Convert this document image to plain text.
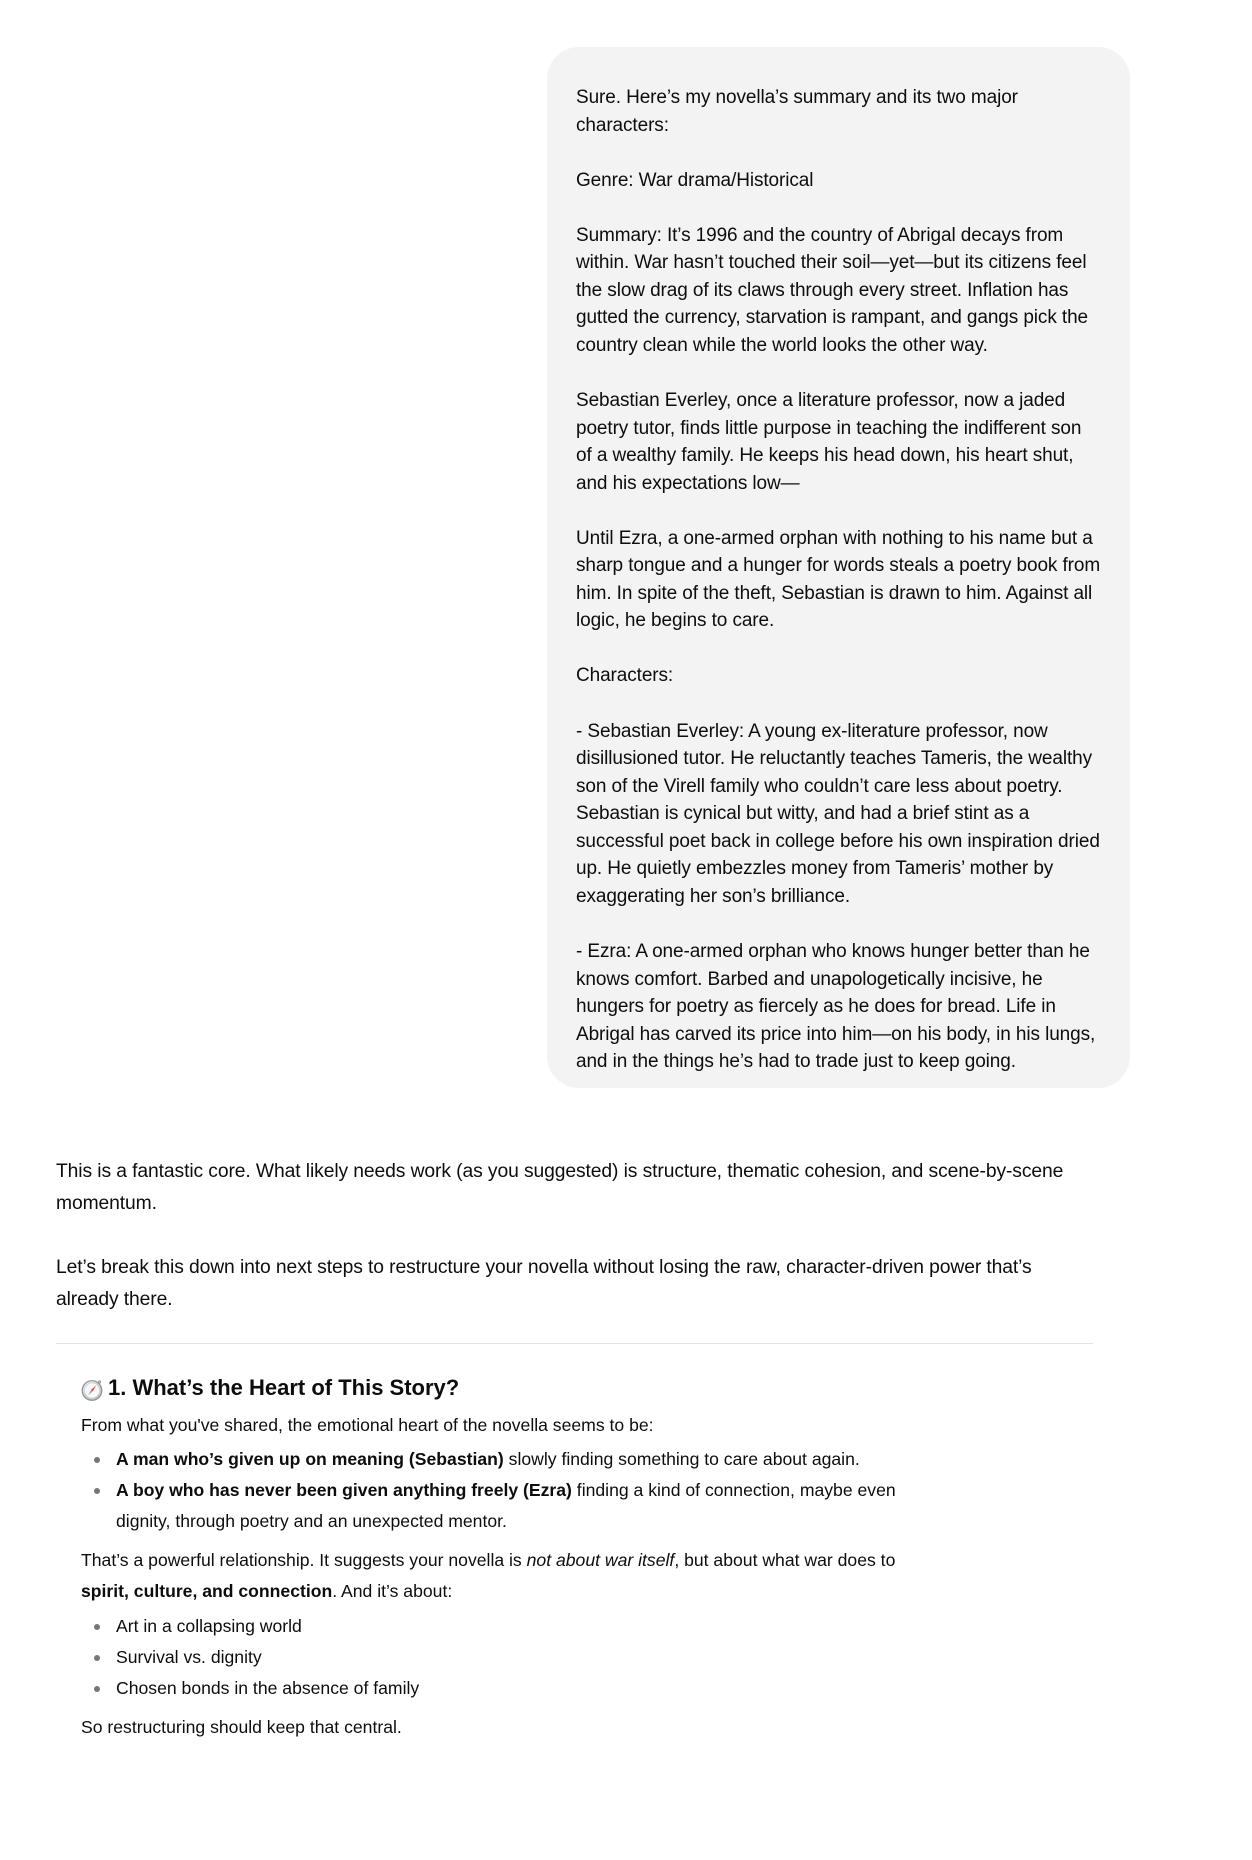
Sure. Here’s my novella’s summary and its two major characters:

Genre: War drama/Historical

Summary: It’s 1996 and the country of Abrigal decays from within. War hasn’t touched their soil—yet—but its citizens feel the slow drag of its claws through every street. Inflation has gutted the currency, starvation is rampant, and gangs pick the country clean while the world looks the other way.

Sebastian Everley, once a literature professor, now a jaded poetry tutor, finds little purpose in teaching the indifferent son of a wealthy family. He keeps his head down, his heart shut, and his expectations low—

Until Ezra, a one-armed orphan with nothing to his name but a sharp tongue and a hunger for words steals a poetry book from him. In spite of the theft, Sebastian is drawn to him. Against all logic, he begins to care.

Characters:

- Sebastian Everley: A young ex-literature professor, now disillusioned tutor. He reluctantly teaches Tameris, the wealthy son of the Virell family who couldn’t care less about poetry. Sebastian is cynical but witty, and had a brief stint as a successful poet back in college before his own inspiration dried up. He quietly embezzles money from Tameris’ mother by exaggerating her son’s brilliance.

- Ezra: A one-armed orphan who knows hunger better than he knows comfort. Barbed and unapologetically incisive, he hungers for poetry as fiercely as he does for bread. Life in Abrigal has carved its price into him—on his body, in his lungs, and in the things he’s had to trade just to keep going.

This is a fantastic core. What likely needs work (as you suggested) is structure, thematic cohesion, and scene-by-scene momentum.

Let’s break this down into next steps to restructure your novella without losing the raw, character-driven power that’s already there.

1. What’s the Heart of This Story?

From what you've shared, the emotional heart of the novella seems to be:

A man who’s given up on meaning (Sebastian) slowly finding something to care about again.
A boy who has never been given anything freely (Ezra) finding a kind of connection, maybe even dignity, through poetry and an unexpected mentor.

That’s a powerful relationship. It suggests your novella is not about war itself, but about what war does to spirit, culture, and connection. And it’s about:

Art in a collapsing world
Survival vs. dignity
Chosen bonds in the absence of family

So restructuring should keep that central.
